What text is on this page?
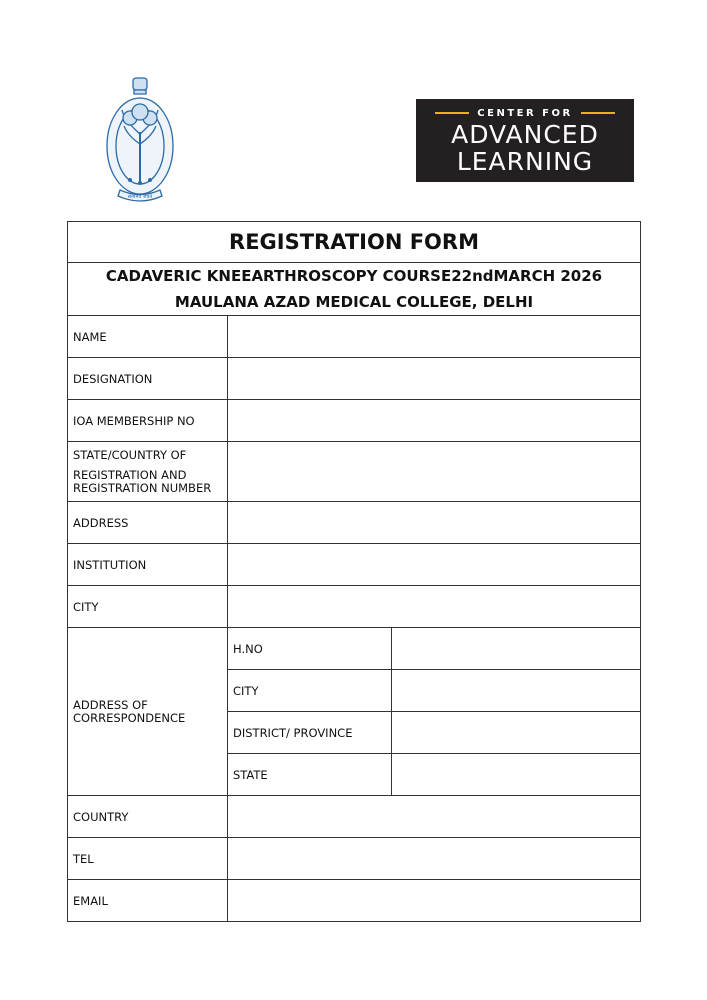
सत्यमेव जयते
CENTER FOR
ADVANCED
LEARNING
REGISTRATION FORM		

CADAVERIC KNEEARTHROSCOPY COURSE22ndMARCH 2026
MAULANA AZAD MEDICAL COLLEGE, DELHI		

NAME		
DESIGNATION		
IOA MEMBERSHIP NO		

STATE/COUNTRY OF
REGISTRATION AND
REGISTRATION NUMBER		

ADDRESS		
INSTITUTION		
CITY		

ADDRESS OF
CORRESPONDENCE	H.NO	
	CITY	
	DISTRICT/ PROVINCE	
	STATE	
COUNTRY		
TEL		
EMAIL		
